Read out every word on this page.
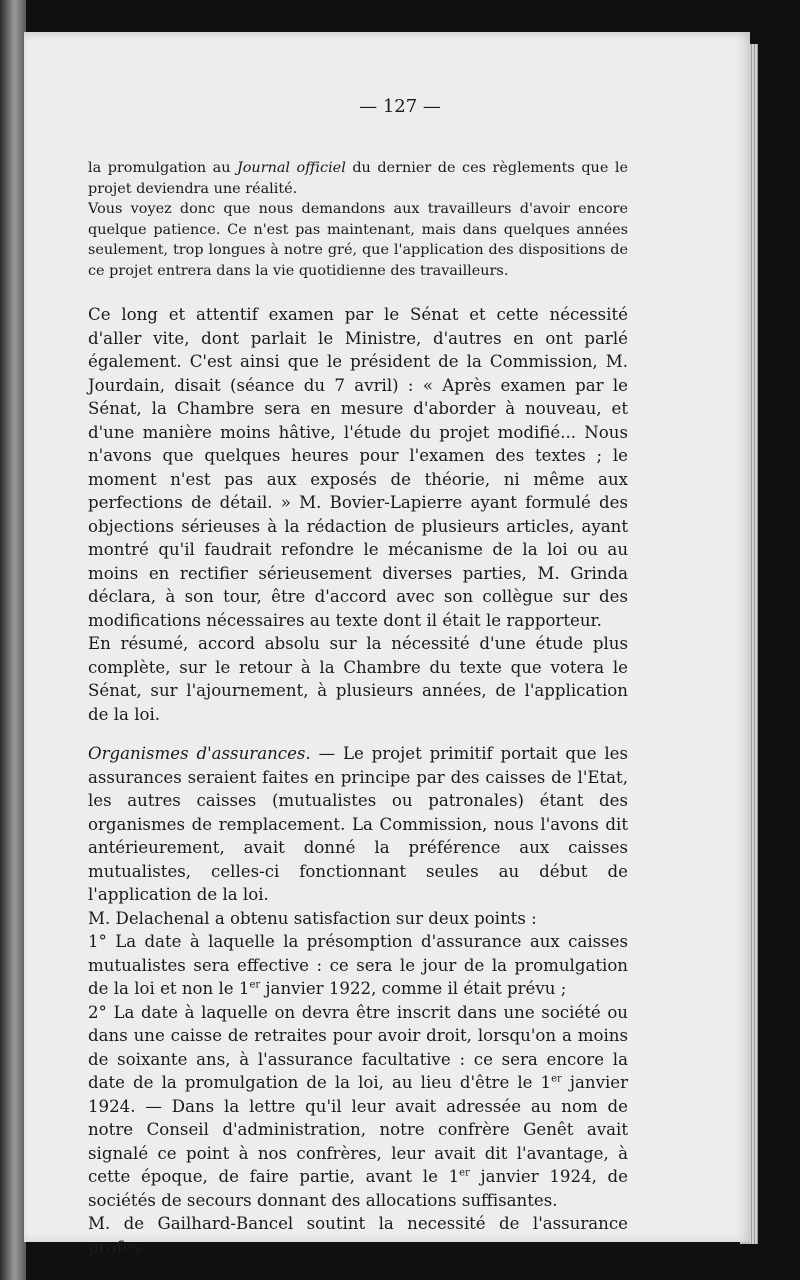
— 127 —

la promulgation au Journal officiel du dernier de ces règlements que le projet deviendra une réalité.

Vous voyez donc que nous demandons aux travailleurs d'avoir encore quelque patience. Ce n'est pas maintenant, mais dans quelques années seulement, trop longues à notre gré, que l'application des dispositions de ce projet entrera dans la vie quotidienne des travailleurs.

Ce long et attentif examen par le Sénat et cette nécessité d'aller vite, dont parlait le Ministre, d'autres en ont parlé également. C'est ainsi que le président de la Commission, M. Jourdain, disait (séance du 7 avril) : « Après examen par le Sénat, la Chambre sera en mesure d'aborder à nouveau, et d'une manière moins hâtive, l'étude du projet modifié... Nous n'avons que quelques heures pour l'examen des textes ; le moment n'est pas aux exposés de théorie, ni même aux perfections de détail. » M. Bovier-Lapierre ayant formulé des objections sérieuses à la rédaction de plusieurs articles, ayant montré qu'il faudrait refondre le mécanisme de la loi ou au moins en rectifier sérieusement diverses parties, M. Grinda déclara, à son tour, être d'accord avec son collègue sur des modifications nécessaires au texte dont il était le rapporteur.

En résumé, accord absolu sur la nécessité d'une étude plus complète, sur le retour à la Chambre du texte que votera le Sénat, sur l'ajournement, à plusieurs années, de l'application de la loi.

Organismes d'assurances. — Le projet primitif portait que les assurances seraient faites en principe par des caisses de l'Etat, les autres caisses (mutualistes ou patronales) étant des organismes de remplacement. La Commission, nous l'avons dit antérieurement, avait donné la préférence aux caisses mutualistes, celles-ci fonctionnant seules au début de l'application de la loi.

M. Delachenal a obtenu satisfaction sur deux points :

1° La date à laquelle la présomption d'assurance aux caisses mutualistes sera effective : ce sera le jour de la promulgation de la loi et non le 1er janvier 1922, comme il était prévu ;

2° La date à laquelle on devra être inscrit dans une société ou dans une caisse de retraites pour avoir droit, lorsqu'on a moins de soixante ans, à l'assurance facultative : ce sera encore la date de la promulgation de la loi, au lieu d'être le 1er janvier 1924. — Dans la lettre qu'il leur avait adressée au nom de notre Conseil d'administration, notre confrère Genêt avait signalé ce point à nos confrères, leur avait dit l'avantage, à cette époque, de faire partie, avant le 1er janvier 1924, de sociétés de secours donnant des allocations suffisantes.

M. de Gailhard-Bancel soutint la necessité de l'assurance profes-
